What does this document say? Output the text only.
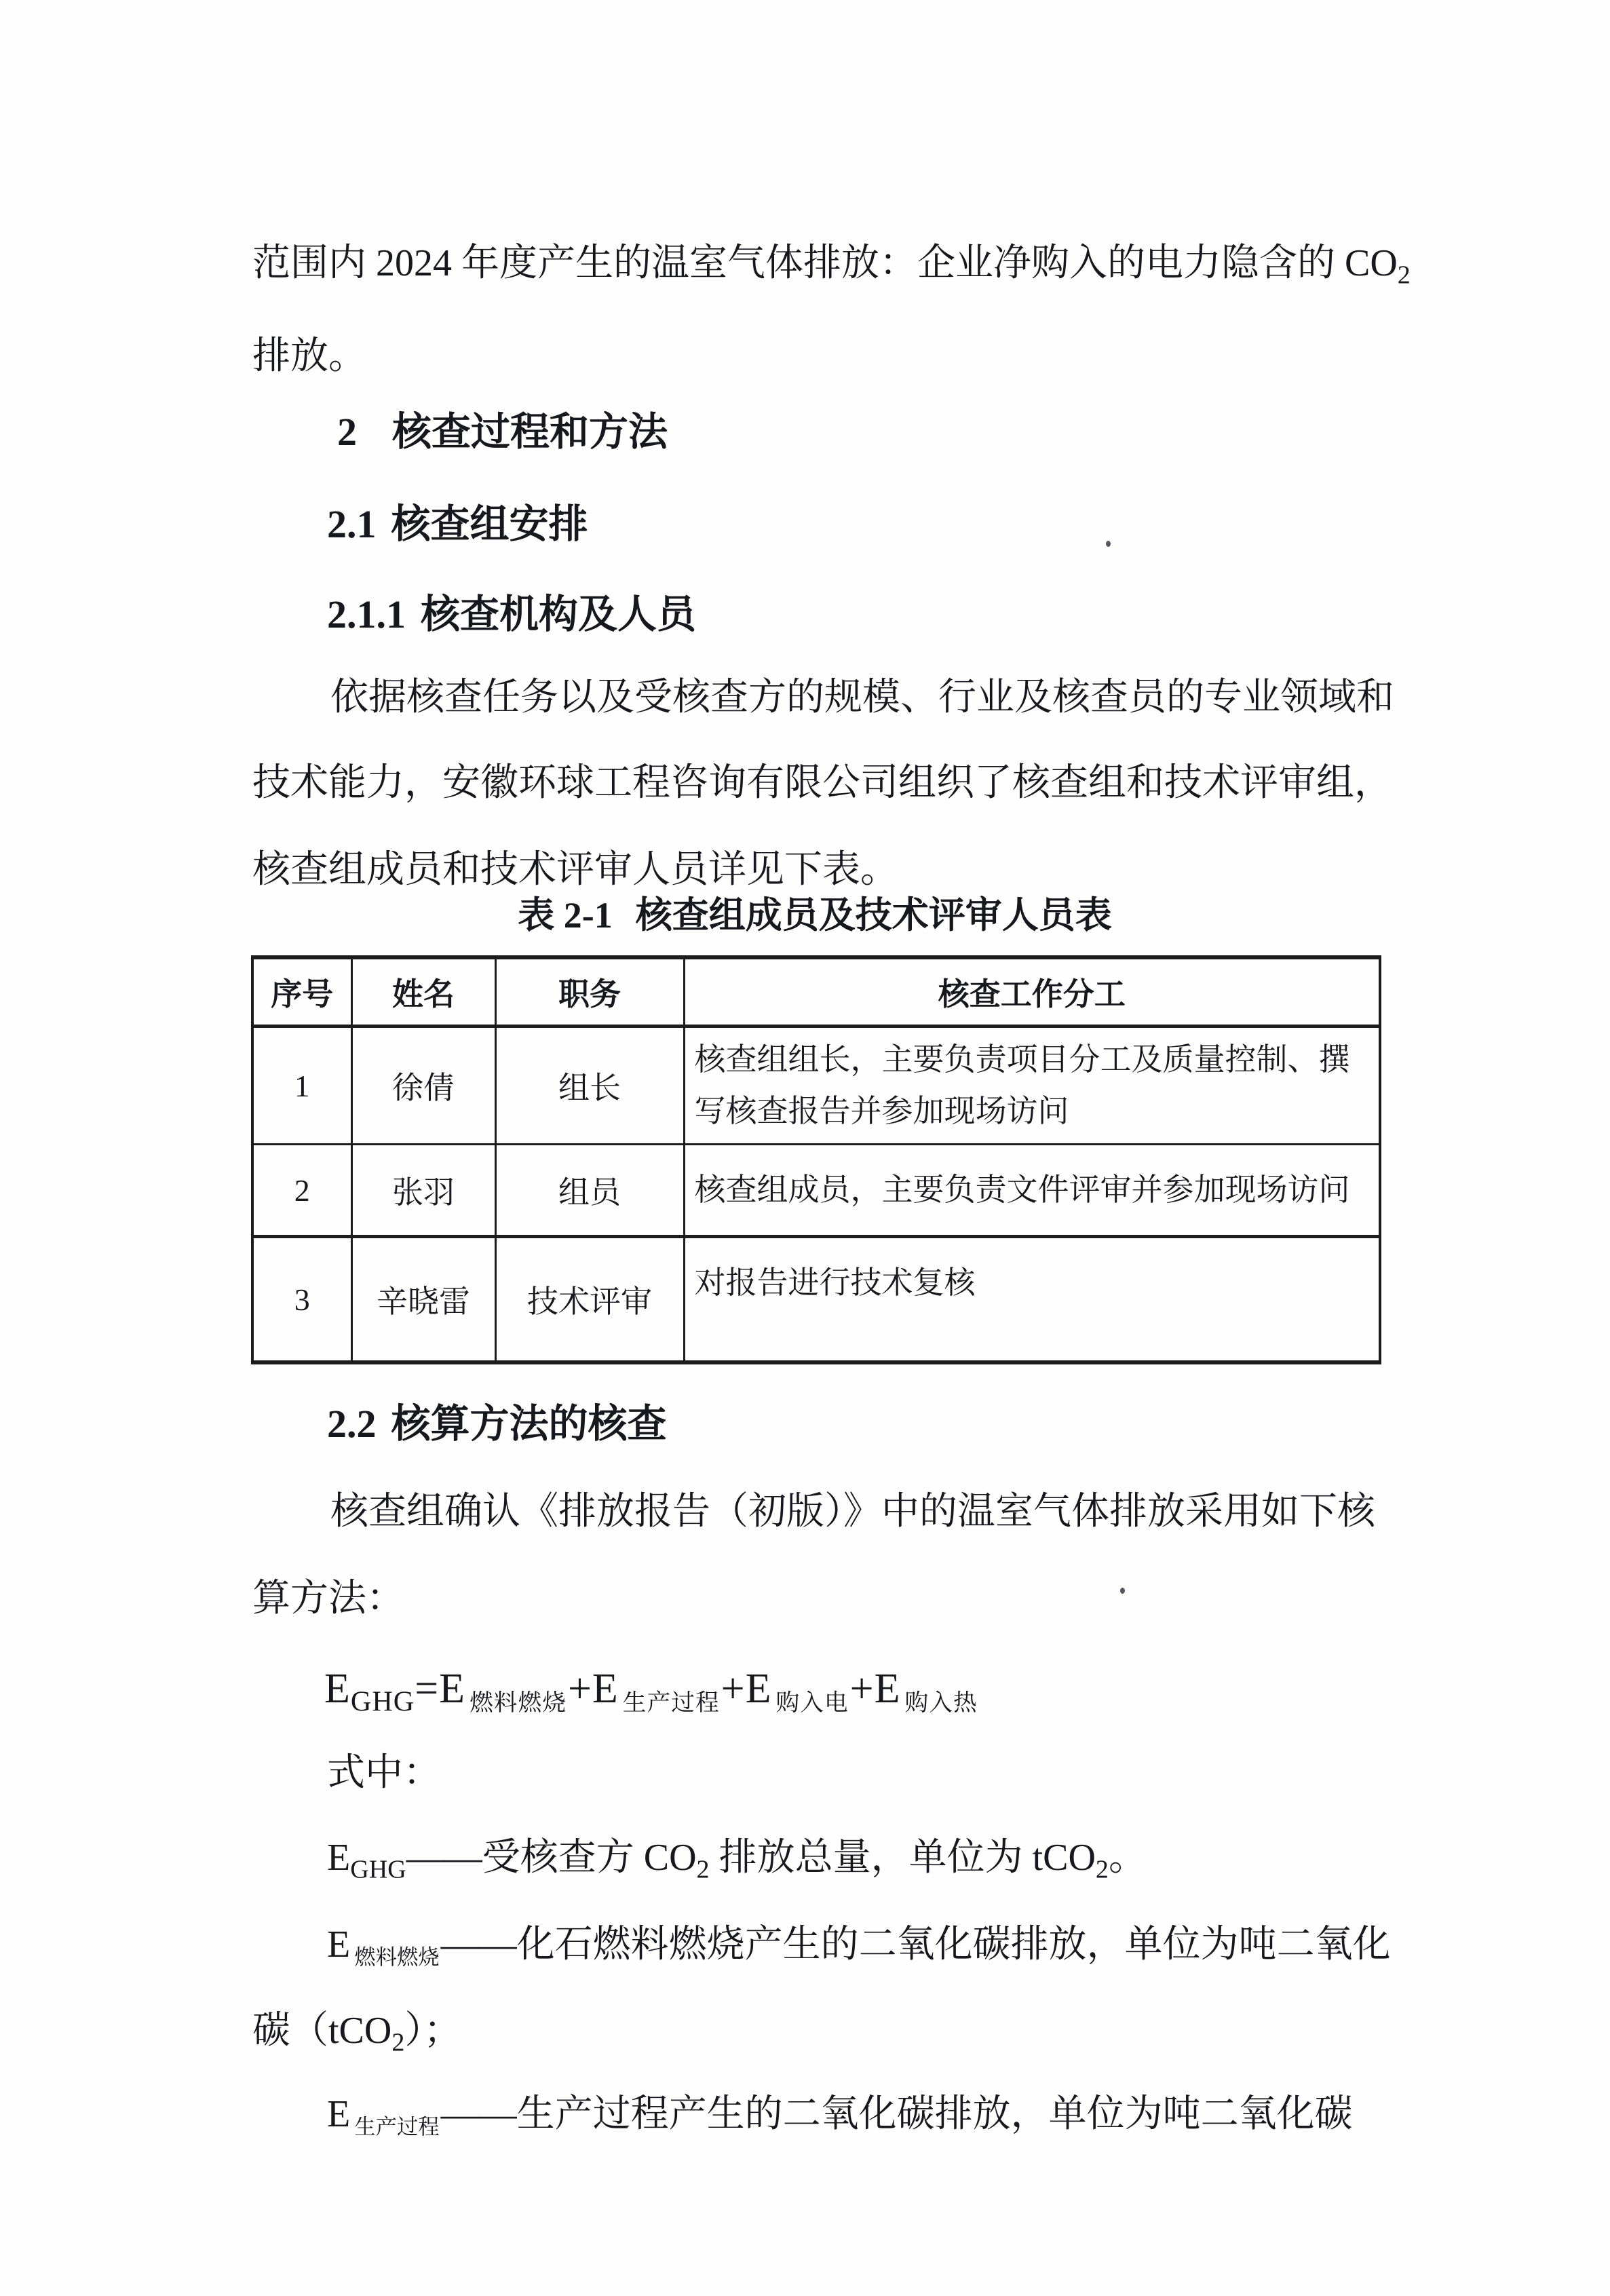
范围内 2024 年度产生的温室气体排放：企业净购入的电力隐含的 $CO_2$

排放。

2 核查过程和方法
2.1 核查组安排
2.1.1 核查机构及人员

依据核查任务以及受核查方的规模、行业及核查员的专业领域和

技术能力，安徽环球工程咨询有限公司组织了核查组和技术评审组，

核查组成员和技术评审人员详见下表。

表 2-1 核查组成员及技术评审人员表
序号	姓名	职务	核查工作分工
1	徐倩	组长	核查组组长，主要负责项目分工及质量控制、撰写核查报告并参加现场访问
2	张羽	组员	核查组成员，主要负责文件评审并参加现场访问
3	辛晓雷	技术评审	对报告进行技术复核
2.2 核算方法的核查

核查组确认《排放报告（初版）》中的温室气体排放采用如下核

算方法：

$E_{GHG}=E$ $_{燃料燃烧}$+E $_{生产过程}$+E $_{购入电}$+E $_{购入热}$

式中：

$E_{GHG}——$受核查方 $CO_2$ 排放总量，单位为 tCO$_2$。

E $_{燃料燃烧}$——化石燃料燃烧产生的二氧化碳排放，单位为吨二氧化

碳（tCO$_2$）；

E $_{生产过程}$——生产过程产生的二氧化碳排放，单位为吨二氧化碳
